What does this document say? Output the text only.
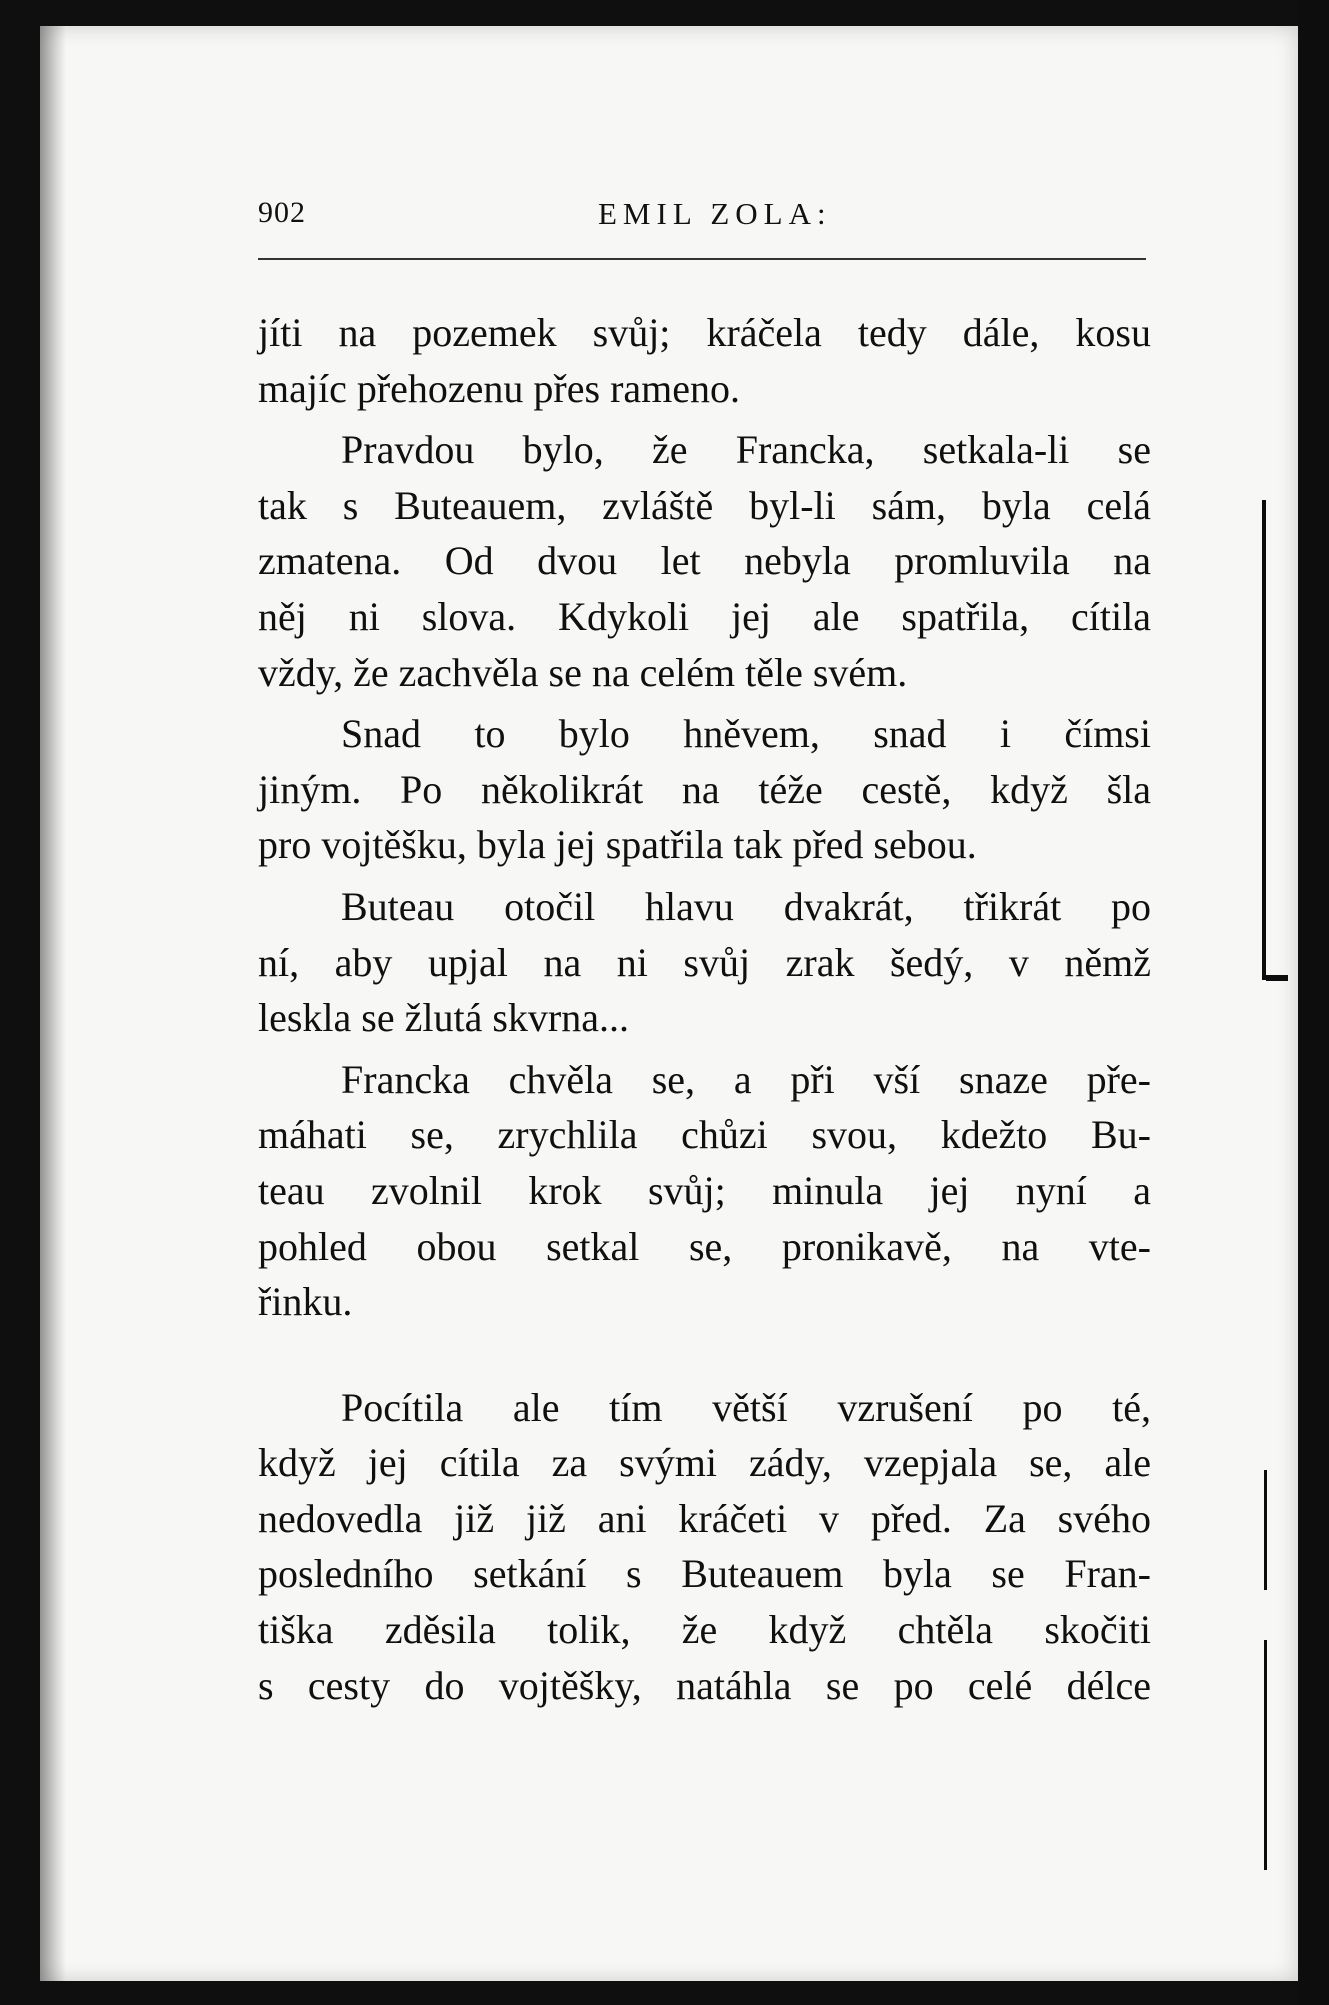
902	EMIL ZOLA:
jíti na pozemek svůj; kráčela tedy dále, kosu
majíc přehozenu přes rameno.
Pravdou bylo, že Francka, setkala-li se
tak s Buteauem, zvláště byl-li sám, byla celá
zmatena. Od dvou let nebyla promluvila na
něj ni slova. Kdykoli jej ale spatřila, cítila
vždy, že zachvěla se na celém těle svém.
Snad to bylo hněvem, snad i čímsi
jiným. Po několikrát na téže cestě, když šla
pro vojtěšku, byla jej spatřila tak před sebou.
Buteau otočil hlavu dvakrát, třikrát po
ní, aby upjal na ni svůj zrak šedý, v němž
leskla se žlutá skvrna...
Francka chvěla se, a při vší snaze pře-
máhati se, zrychlila chůzi svou, kdežto Bu-
teau zvolnil krok svůj; minula jej nyní a
pohled obou setkal se, pronikavě, na vte-
řinku.
Pocítila ale tím větší vzrušení po té,
když jej cítila za svými zády, vzepjala se, ale
nedovedla již již ani kráčeti v před. Za svého
posledního setkání s Buteauem byla se Fran-
tiška zděsila tolik, že když chtěla skočiti
s cesty do vojtěšky, natáhla se po celé délce
